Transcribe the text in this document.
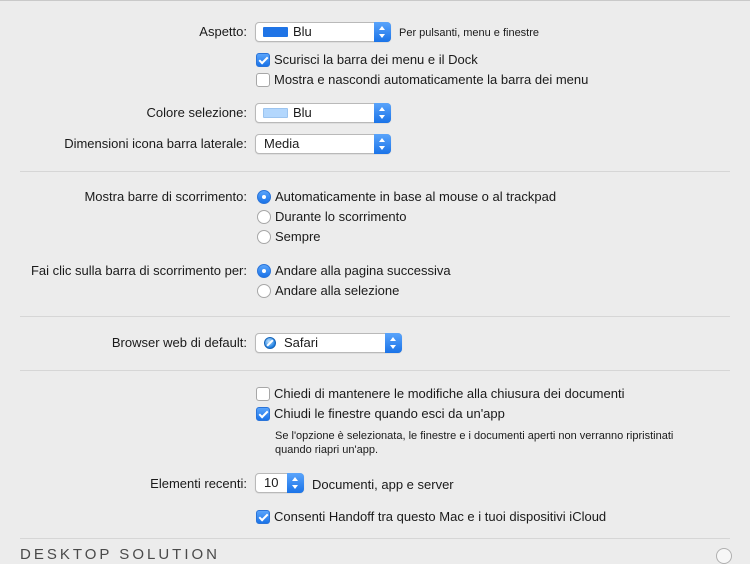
Aspetto:	Blu	Per pulsanti, menu e finestre
Scurisci la barra dei menu e il Dock
Mostra e nascondi automaticamente la barra dei menu
Colore selezione:	Blu
Dimensioni icona barra laterale: Media
Mostra barre di scorrimento: Automaticamente in base al mouse o al trackpad
Durante lo scorrimento
Sempre
Fai clic sulla barra di scorrimento per: Andare alla pagina successiva
Andare alla selezione
Browser web di default:	Safari
Chiedi di mantenere le modifiche alla chiusura dei documenti
Chiudi le finestre quando esci da un'app
Se l'opzione è selezionata, le finestre e i documenti aperti non verranno ripristinati
quando riapri un'app.
Elementi recenti: 10	Documenti, app e server
Consenti Handoff tra questo Mac e i tuoi dispositivi iCloud
DESKTOP SOLUTION
